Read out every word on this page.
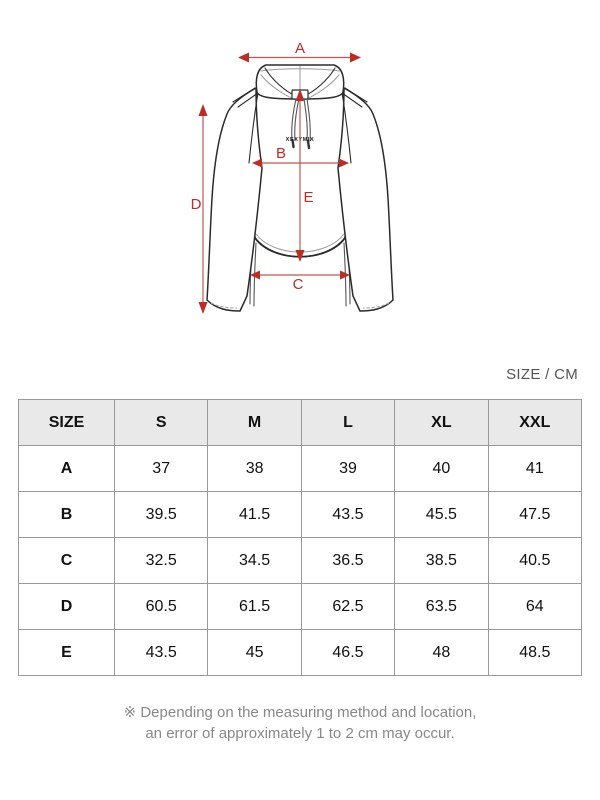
XEXYMIX
A
B
C
D	E
SIZE / CM
SIZE	S	M	L	XL	XXL
A	37	38	39	40	41
B	39.5	41.5	43.5	45.5	47.5
C	32.5	34.5	36.5	38.5	40.5
D	60.5	61.5	62.5	63.5	64
E	43.5	45	46.5	48	48.5
※ Depending on the measuring method and location,
an error of approximately 1 to 2 cm may occur.
